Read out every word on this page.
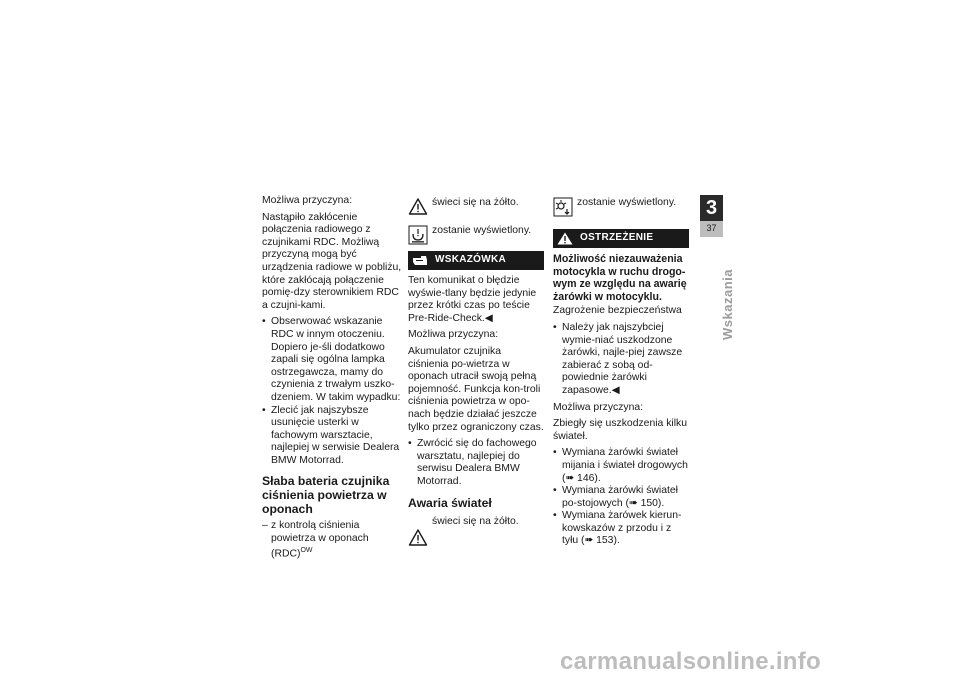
Możliwa przyczyna:

Nastąpiło zakłócenie połączenia radiowego z czujnikami RDC. Możliwą przyczyną mogą być urządzenia radiowe w pobliżu, które zakłócają połączenie pomię-dzy sterownikiem RDC a czujni-kami.

• Obserwować wskazanie RDC w innym otoczeniu. Dopiero je-śli dodatkowo zapali się ogólna lampka ostrzegawcza, mamy do czynienia z trwałym uszko-dzeniem. W takim wypadku:
• Zlecić jak najszybsze usunięcie usterki w fachowym warsztacie, najlepiej w serwisie Dealera BMW Motorrad.
Słaba bateria czujnika ciśnienia powietrza w oponach
– z kontrolą ciśnienia powietrza w oponach (RDC)$^{OW}$
świeci się na żółto.
zostanie wyświetlony.
WSKAZÓWKA

Ten komunikat o błędzie wyświe-tlany będzie jedynie przez krótki czas po teście Pre-Ride-Check.◀

Możliwa przyczyna:

Akumulator czujnika ciśnienia po-wietrza w oponach utracił swoją pełną pojemność. Funkcja kon-troli ciśnienia powietrza w opo-nach będzie działać jeszcze tylko przez ograniczony czas.

• Zwrócić się do fachowego warsztatu, najlepiej do serwisu Dealera BMW Motorrad.
Awaria świateł
świeci się na żółto.
zostanie wyświetlony.
OSTRZEŻENIE

Możliwość niezauważenia motocykla w ruchu drogo-wym ze względu na awarię żarówki w motocyklu.

Zagrożenie bezpieczeństwa

• Należy jak najszybciej wymie-niać uszkodzone żarówki, najle-piej zawsze zabierać z sobą od-powiednie żarówki zapasowe.◀

Możliwa przyczyna:

Zbiegły się uszkodzenia kilku świateł.

• Wymiana żarówki świateł mijania i świateł drogowych (➠ 146).
• Wymiana żarówki świateł po-stojowych (➠ 150).
• Wymiana żarówek kierun-kowskazów z przodu i z tyłu (➠ 153).
3
37
Wskazania
carmanualsonline.info
